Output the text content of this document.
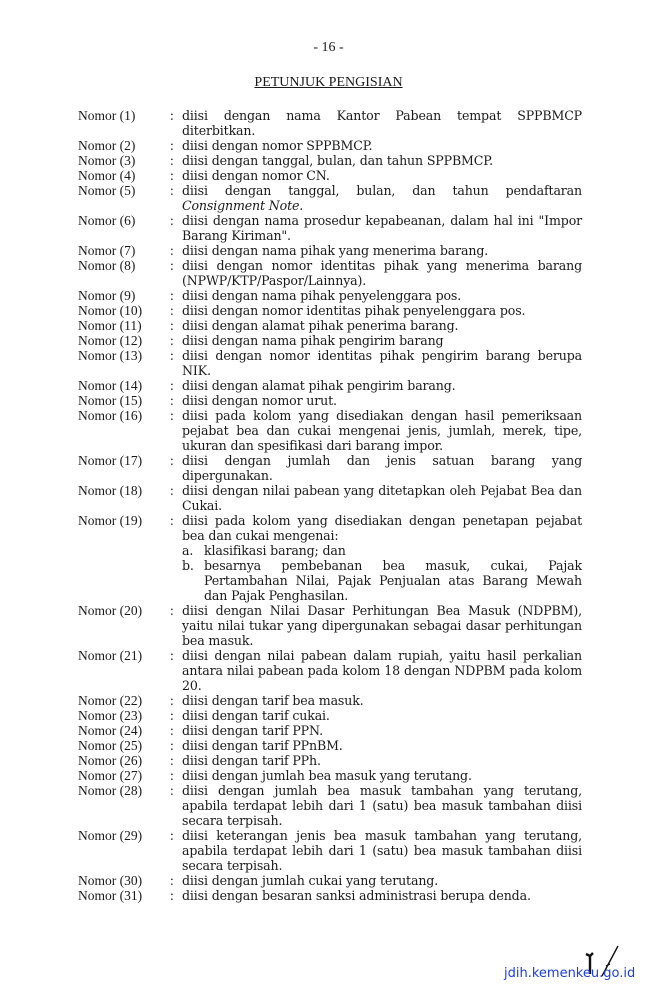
- 16 -
PETUNJUK PENGISIAN
Nomor (1)	: diisi dengan nama Kantor Pabean tempat SPPBMCP diterbitkan.
Nomor (2)	: diisi dengan nomor SPPBMCP.
Nomor (3)	: diisi dengan tanggal, bulan, dan tahun SPPBMCP.
Nomor (4)	: diisi dengan nomor CN.
Nomor (5)	: diisi dengan tanggal, bulan, dan tahun pendaftaran Consignment Note.
Nomor (6)	: diisi dengan nama prosedur kepabeanan, dalam hal ini "Impor Barang Kiriman".
Nomor (7)	: diisi dengan nama pihak yang menerima barang.
Nomor (8)	: diisi dengan nomor identitas pihak yang menerima barang (NPWP/KTP/Paspor/Lainnya).
Nomor (9)	: diisi dengan nama pihak penyelenggara pos.
Nomor (10)	: diisi dengan nomor identitas pihak penyelenggara pos.
Nomor (11)	: diisi dengan alamat pihak penerima barang.
Nomor (12)	: diisi dengan nama pihak pengirim barang
Nomor (13)	: diisi dengan nomor identitas pihak pengirim barang berupa NIK.
Nomor (14)	: diisi dengan alamat pihak pengirim barang.
Nomor (15)	: diisi dengan nomor urut.
Nomor (16)	: diisi pada kolom yang disediakan dengan hasil pemeriksaan pejabat bea dan cukai mengenai jenis, jumlah, merek, tipe, ukuran dan spesifikasi dari barang impor.
Nomor (17)	: diisi dengan jumlah dan jenis satuan barang yang dipergunakan.
Nomor (18)	: diisi dengan nilai pabean yang ditetapkan oleh Pejabat Bea dan Cukai.
Nomor (19)	: diisi pada kolom yang disediakan dengan penetapan pejabat bea dan cukai mengenai:
a. klasifikasi barang; dan
b. besarnya pembebanan bea masuk, cukai, Pajak Pertambahan Nilai, Pajak Penjualan atas Barang Mewah dan Pajak Penghasilan.
Nomor (20)	: diisi dengan Nilai Dasar Perhitungan Bea Masuk (NDPBM), yaitu nilai tukar yang dipergunakan sebagai dasar perhitungan bea masuk.
Nomor (21)	: diisi dengan nilai pabean dalam rupiah, yaitu hasil perkalian antara nilai pabean pada kolom 18 dengan NDPBM pada kolom 20.
Nomor (22)	: diisi dengan tarif bea masuk.
Nomor (23)	: diisi dengan tarif cukai.
Nomor (24)	: diisi dengan tarif PPN.
Nomor (25)	: diisi dengan tarif PPnBM.
Nomor (26)	: diisi dengan tarif PPh.
Nomor (27)	: diisi dengan jumlah bea masuk yang terutang.
Nomor (28)	: diisi dengan jumlah bea masuk tambahan yang terutang, apabila terdapat lebih dari 1 (satu) bea masuk tambahan diisi secara terpisah.
Nomor (29)	: diisi keterangan jenis bea masuk tambahan yang terutang, apabila terdapat lebih dari 1 (satu) bea masuk tambahan diisi secara terpisah.
Nomor (30)	: diisi dengan jumlah cukai yang terutang.
Nomor (31)	: diisi dengan besaran sanksi administrasi berupa denda.
jdih.kemenkeu.go.id
